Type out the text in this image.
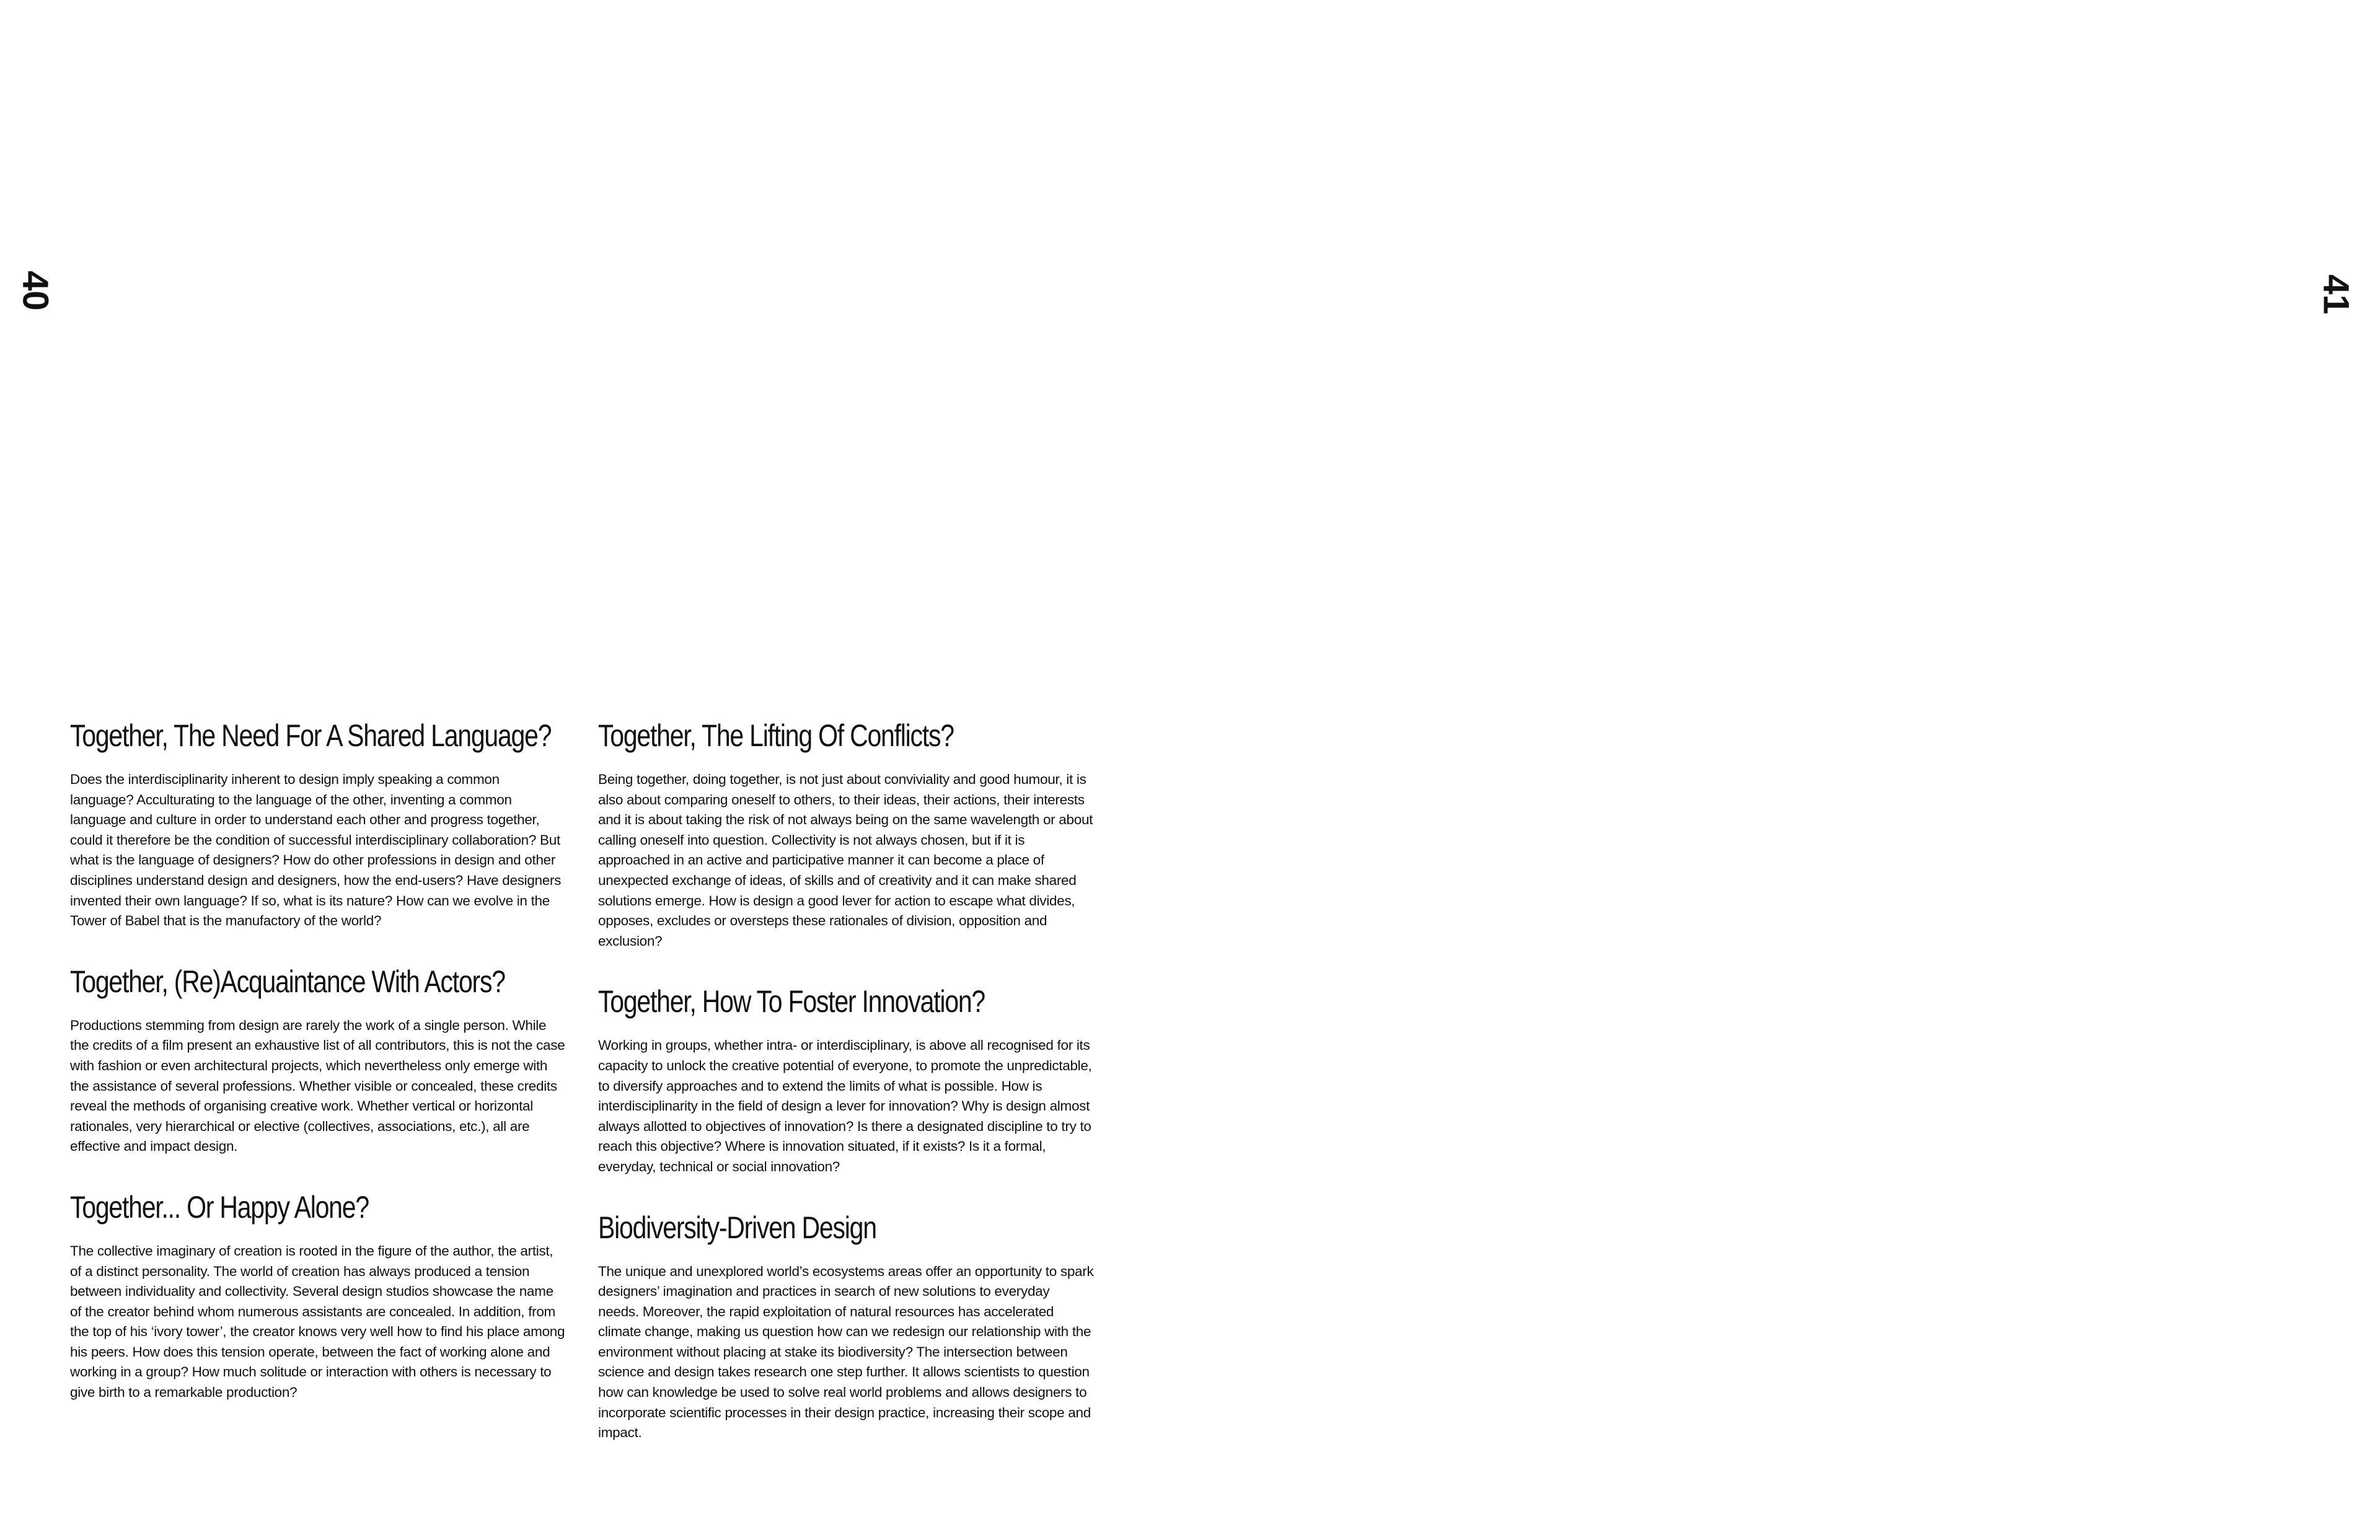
40	41
Together, The Need For A Shared Language?

Does the interdisciplinarity inherent to design imply speaking a common language? Acculturating to the language of the other, inventing a common language and culture in order to understand each other and progress together, could it therefore be the condition of successful interdisciplinary collaboration? But what is the language of designers? How do other professions in design and other disciplines understand design and designers, how the end-users? Have designers invented their own language? If so, what is its nature? How can we evolve in the Tower of Babel that is the manufactory of the world?

Together, (Re)Acquaintance With Actors?

Productions stemming from design are rarely the work of a single person. While the credits of a film present an exhaustive list of all contributors, this is not the case with fashion or even architectural projects, which nevertheless only emerge with the assistance of several professions. Whether visible or concealed, these credits reveal the methods of organising creative work. Whether vertical or horizontal rationales, very hierarchical or elective (collectives, associations, etc.), all are effective and impact design.

Together... Or Happy Alone?

The collective imaginary of creation is rooted in the figure of the author, the artist, of a distinct personality. The world of creation has always produced a tension between individuality and collectivity. Several design studios showcase the name of the creator behind whom numerous assistants are concealed. In addition, from the top of his ‘ivory tower’, the creator knows very well how to find his place among his peers. How does this tension operate, between the fact of working alone and working in a group? How much solitude or interaction with others is necessary to give birth to a remarkable production?

Together, The Lifting Of Conflicts?

Being together, doing together, is not just about conviviality and good humour, it is also about comparing oneself to others, to their ideas, their actions, their interests and it is about taking the risk of not always being on the same wavelength or about calling oneself into question. Collectivity is not always chosen, but if it is approached in an active and participative manner it can become a place of unexpected exchange of ideas, of skills and of creativity and it can make shared solutions emerge. How is design a good lever for action to escape what divides, opposes, excludes or oversteps these rationales of division, opposition and exclusion?

Together, How To Foster Innovation?

Working in groups, whether intra- or interdisciplinary, is above all recognised for its capacity to unlock the creative potential of everyone, to promote the unpredictable, to diversify approaches and to extend the limits of what is possible. How is interdisciplinarity in the field of design a lever for innovation? Why is design almost always allotted to objectives of innovation? Is there a designated discipline to try to reach this objective? Where is innovation situated, if it exists? Is it a formal, everyday, technical or social innovation?

Biodiversity-Driven Design

The unique and unexplored world’s ecosystems areas offer an opportunity to spark designers’ imagination and practices in search of new solutions to everyday needs. Moreover, the rapid exploitation of natural resources has accelerated climate change, making us question how can we redesign our relationship with the environment without placing at stake its biodiversity? The intersection between science and design takes research one step further. It allows scientists to question how can knowledge be used to solve real world problems and allows designers to incorporate scientific processes in their design practice, increasing their scope and impact.
